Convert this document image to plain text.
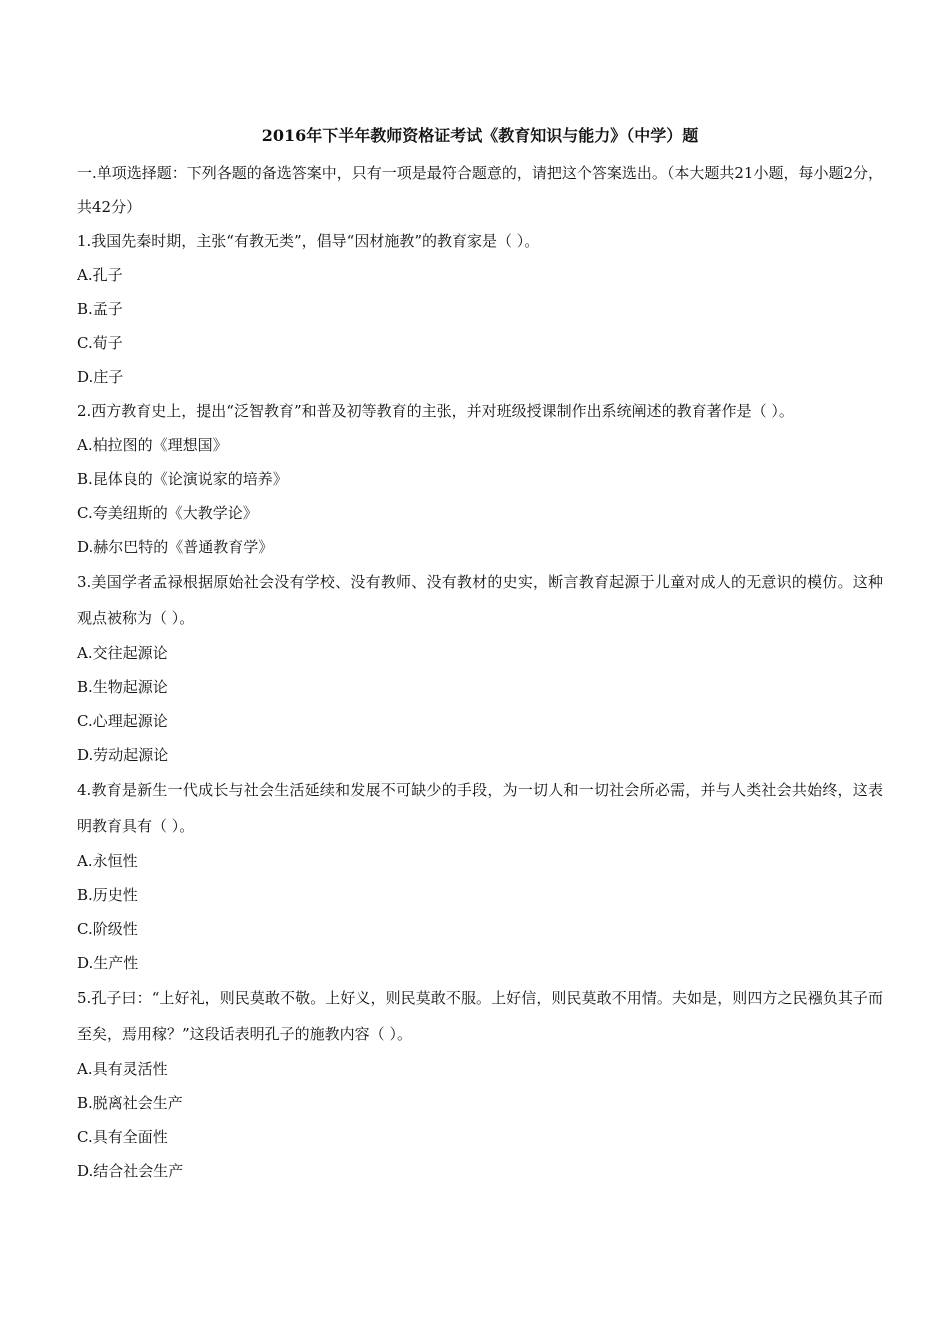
2016年下半年教师资格证考试《教育知识与能力》（中学）题

一.单项选择题：下列各题的备选答案中，只有一项是最符合题意的，请把这个答案选出。（本大题共21小题，每小题2分，共42分）

1.我国先秦时期，主张“有教无类”，倡导“因材施教”的教育家是（ ）。

A.孔子

B.孟子

C.荀子

D.庄子

2.西方教育史上，提出“泛智教育”和普及初等教育的主张，并对班级授课制作出系统阐述的教育著作是（ ）。

A.柏拉图的《理想国》

B.昆体良的《论演说家的培养》

C.夸美纽斯的《大教学论》

D.赫尔巴特的《普通教育学》

3.美国学者孟禄根据原始社会没有学校、没有教师、没有教材的史实，断言教育起源于儿童对成人的无意识的模仿。这种观点被称为（ ）。

A.交往起源论

B.生物起源论

C.心理起源论

D.劳动起源论

4.教育是新生一代成长与社会生活延续和发展不可缺少的手段，为一切人和一切社会所必需，并与人类社会共始终，这表明教育具有（ ）。

A.永恒性

B.历史性

C.阶级性

D.生产性

5.孔子曰：“上好礼，则民莫敢不敬。上好义，则民莫敢不服。上好信，则民莫敢不用情。夫如是，则四方之民襁负其子而至矣，焉用稼？”这段话表明孔子的施教内容（ ）。

A.具有灵活性

B.脱离社会生产

C.具有全面性

D.结合社会生产
